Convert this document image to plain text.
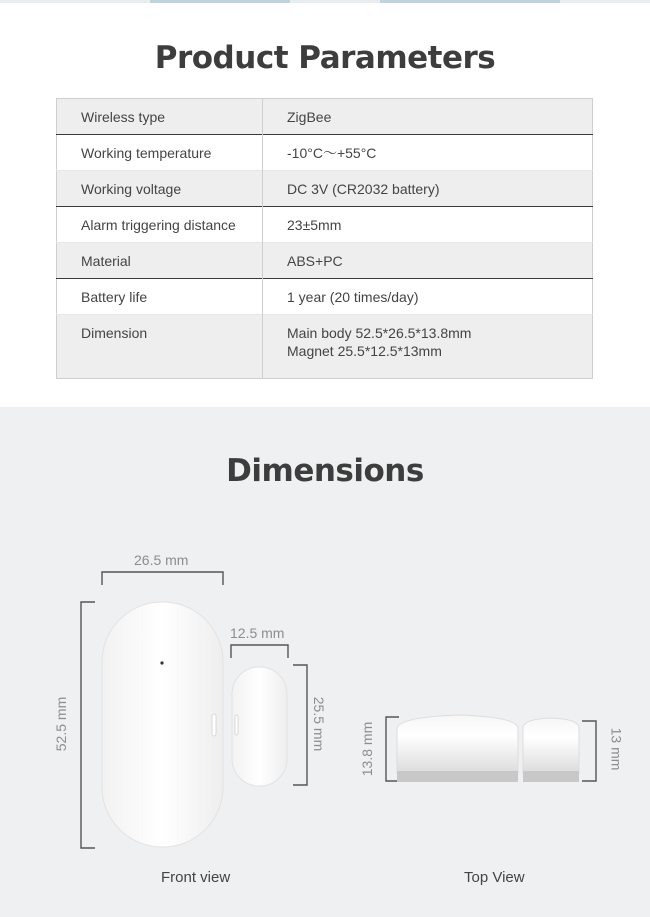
Product Parameters
Wireless type	ZigBee
Working temperature	-10°C～+55°C
Working voltage	DC 3V (CR2032 battery)
Alarm triggering distance	23±5mm
Material	ABS+PC
Battery life	1 year (20 times/day)
Dimension	Main body 52.5*26.5*13.8mm
Magnet 25.5*12.5*13mm
Dimensions
26.5 mm
52.5 mm
12.5 mm
25.5 mm 13.8 mm	13 mm
Front view	Top View
